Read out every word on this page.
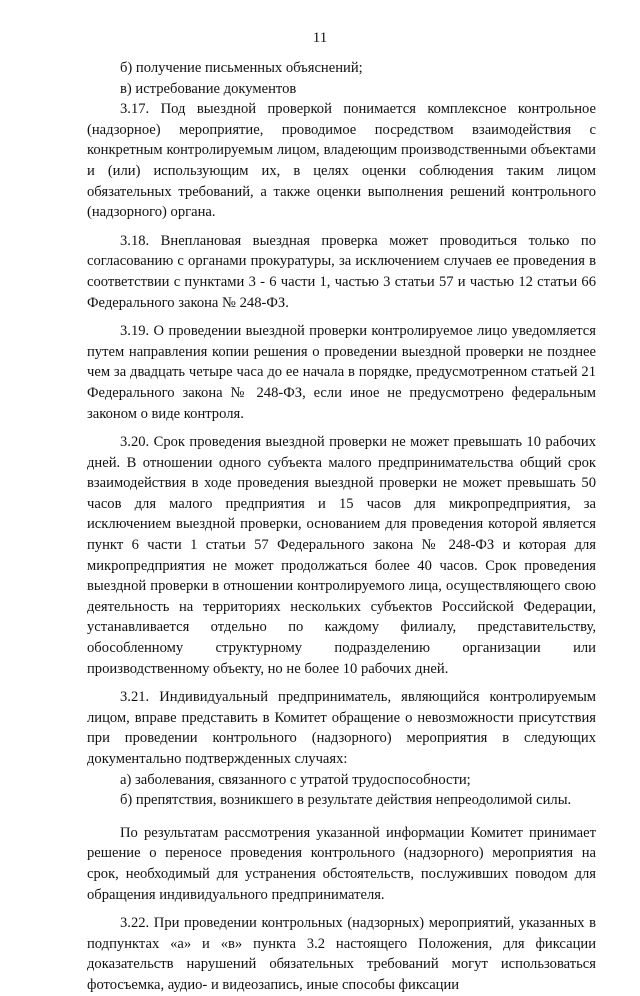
11

б) получение письменных объяснений;

в) истребование документов

3.17. Под выездной проверкой понимается комплексное контрольное (надзорное) мероприятие, проводимое посредством взаимодействия с конкретным контролируемым лицом, владеющим производственными объектами и (или) использующим их, в целях оценки соблюдения таким лицом обязательных требований, а также оценки выполнения решений контрольного (надзорного) органа.

3.18. Внеплановая выездная проверка может проводиться только по согласованию с органами прокуратуры, за исключением случаев ее проведения в соответствии с пунктами 3 - 6 части 1, частью 3 статьи 57 и частью 12 статьи 66 Федерального закона № 248-ФЗ.

3.19. О проведении выездной проверки контролируемое лицо уведомляется путем направления копии решения о проведении выездной проверки не позднее чем за двадцать четыре часа до ее начала в порядке, предусмотренном статьей 21 Федерального закона № 248-ФЗ, если иное не предусмотрено федеральным законом о виде контроля.

3.20. Срок проведения выездной проверки не может превышать 10 рабочих дней. В отношении одного субъекта малого предпринимательства общий срок взаимодействия в ходе проведения выездной проверки не может превышать 50 часов для малого предприятия и 15 часов для микропредприятия, за исключением выездной проверки, основанием для проведения которой является пункт 6 части 1 статьи 57 Федерального закона № 248-ФЗ и которая для микропредприятия не может продолжаться более 40 часов. Срок проведения выездной проверки в отношении контролируемого лица, осуществляющего свою деятельность на территориях нескольких субъектов Российской Федерации, устанавливается отдельно по каждому филиалу, представительству, обособленному структурному подразделению организации или производственному объекту, но не более 10 рабочих дней.

3.21. Индивидуальный предприниматель, являющийся контролируемым лицом, вправе представить в Комитет обращение о невозможности присутствия при проведении контрольного (надзорного) мероприятия в следующих документально подтвержденных случаях:

а) заболевания, связанного с утратой трудоспособности;

б) препятствия, возникшего в результате действия непреодолимой силы.

По результатам рассмотрения указанной информации Комитет принимает решение о переносе проведения контрольного (надзорного) мероприятия на срок, необходимый для устранения обстоятельств, послуживших поводом для обращения индивидуального предпринимателя.

3.22. При проведении контрольных (надзорных) мероприятий, указанных в подпунктах «а» и «в» пункта 3.2 настоящего Положения, для фиксации доказательств нарушений обязательных требований могут использоваться фотосъемка, аудио- и видеозапись, иные способы фиксации
